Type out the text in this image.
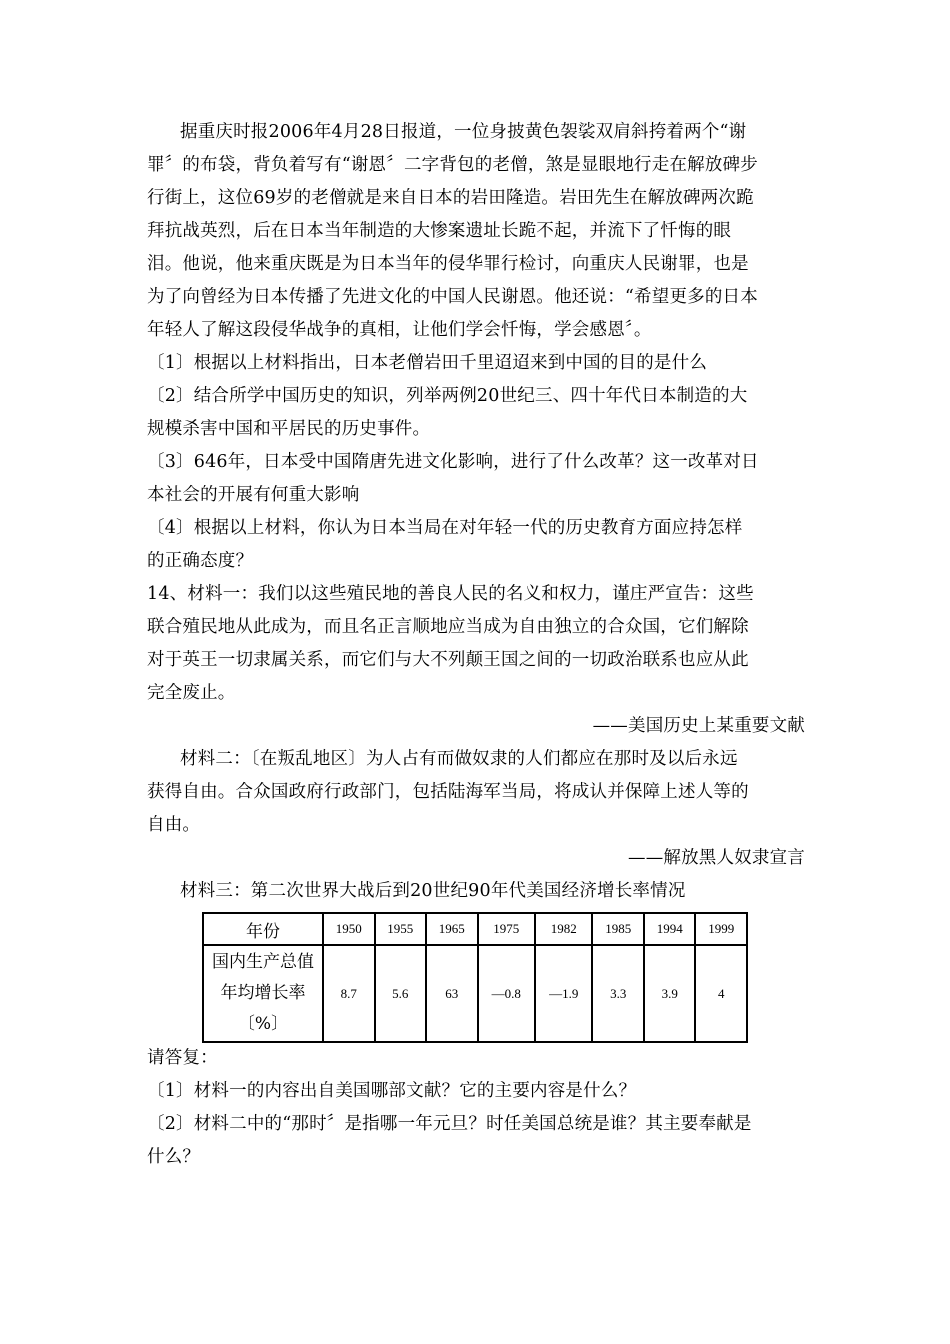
据重庆时报2006年4月28日报道，一位身披黄色袈裟双肩斜挎着两个“谢
罪〞的布袋，背负着写有“谢恩〞二字背包的老僧，煞是显眼地行走在解放碑步
行街上，这位69岁的老僧就是来自日本的岩田隆造。岩田先生在解放碑两次跪
拜抗战英烈，后在日本当年制造的大惨案遗址长跪不起，并流下了忏悔的眼
泪。他说，他来重庆既是为日本当年的侵华罪行检讨，向重庆人民谢罪，也是
为了向曾经为日本传播了先进文化的中国人民谢恩。他还说：“希望更多的日本
年轻人了解这段侵华战争的真相，让他们学会忏悔，学会感恩〞。
〔1〕根据以上材料指出，日本老僧岩田千里迢迢来到中国的目的是什么
〔2〕结合所学中国历史的知识，列举两例20世纪三、四十年代日本制造的大
规模杀害中国和平居民的历史事件。
〔3〕646年，日本受中国隋唐先进文化影响，进行了什么改革？这一改革对日
本社会的开展有何重大影响
〔4〕根据以上材料，你认为日本当局在对年轻一代的历史教育方面应持怎样
的正确态度？
14、材料一：我们以这些殖民地的善良人民的名义和权力，谨庄严宣告：这些
联合殖民地从此成为，而且名正言顺地应当成为自由独立的合众国，它们解除
对于英王一切隶属关系，而它们与大不列颠王国之间的一切政治联系也应从此
完全废止。
——美国历史上某重要文献
材料二：〔在叛乱地区〕为人占有而做奴隶的人们都应在那时及以后永远
获得自由。合众国政府行政部门，包括陆海军当局，将成认并保障上述人等的
自由。
——解放黑人奴隶宣言
材料三：第二次世界大战后到20世纪90年代美国经济增长率情况
年份	1950	1955	1965	1975	1982	1985	1994	1999

国内生产总值
年均增长率
〔%〕	8.7	5.6	63	—0.8	—1.9	3.3	3.9	4
请答复：
〔1〕材料一的内容出自美国哪部文献？它的主要内容是什么？
〔2〕材料二中的“那时〞是指哪一年元旦？时任美国总统是谁？其主要奉献是
什么？
